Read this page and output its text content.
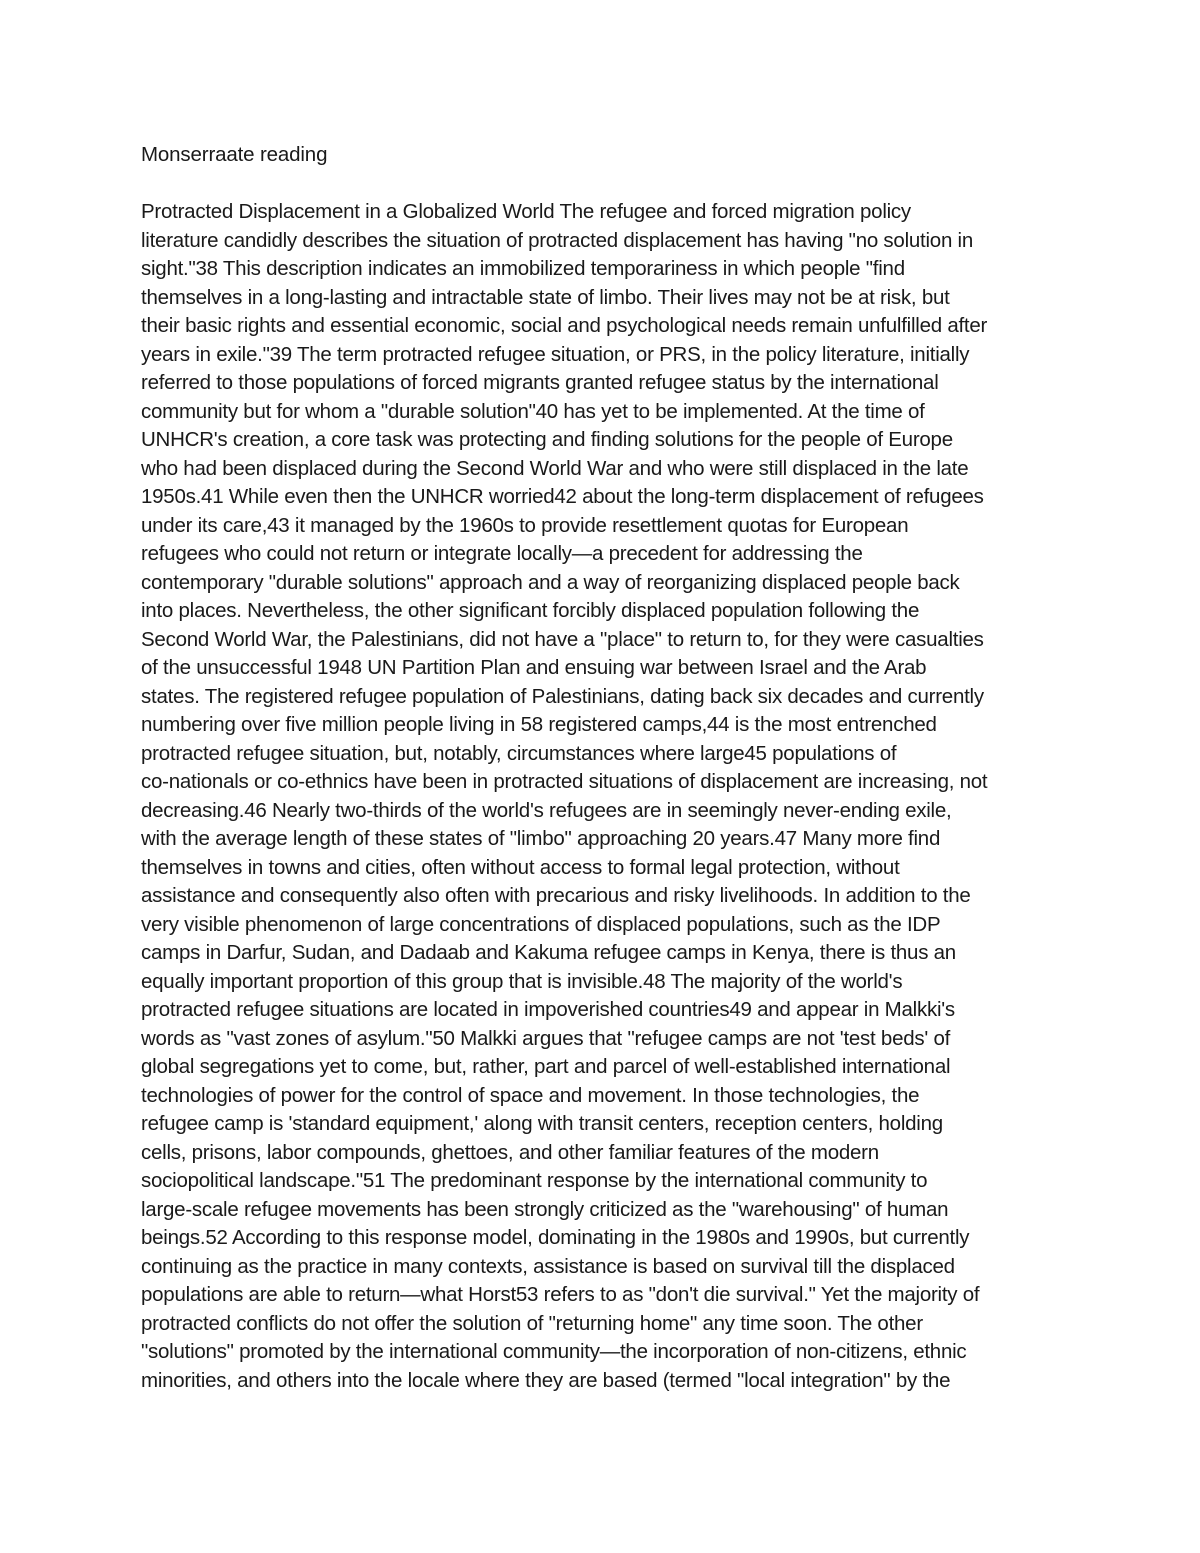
Monserraate reading
Protracted Displacement in a Globalized World The refugee and forced migration policy
literature candidly describes the situation of protracted displacement has having "no solution in
sight."38 This description indicates an immobilized temporariness in which people "find
themselves in a long-lasting and intractable state of limbo. Their lives may not be at risk, but
their basic rights and essential economic, social and psychological needs remain unfulfilled after
years in exile."39 The term protracted refugee situation, or PRS, in the policy literature, initially
referred to those populations of forced migrants granted refugee status by the international
community but for whom a "durable solution"40 has yet to be implemented. At the time of
UNHCR's creation, a core task was protecting and finding solutions for the people of Europe
who had been displaced during the Second World War and who were still displaced in the late
1950s.41 While even then the UNHCR worried42 about the long-term displacement of refugees
under its care,43 it managed by the 1960s to provide resettlement quotas for European
refugees who could not return or integrate locally—a precedent for addressing the
contemporary "durable solutions" approach and a way of reorganizing displaced people back
into places. Nevertheless, the other significant forcibly displaced population following the
Second World War, the Palestinians, did not have a "place" to return to, for they were casualties
of the unsuccessful 1948 UN Partition Plan and ensuing war between Israel and the Arab
states. The registered refugee population of Palestinians, dating back six decades and currently
numbering over five million people living in 58 registered camps,44 is the most entrenched
protracted refugee situation, but, notably, circumstances where large45 populations of
co-nationals or co-ethnics have been in protracted situations of displacement are increasing, not
decreasing.46 Nearly two-thirds of the world's refugees are in seemingly never-ending exile,
with the average length of these states of "limbo" approaching 20 years.47 Many more find
themselves in towns and cities, often without access to formal legal protection, without
assistance and consequently also often with precarious and risky livelihoods. In addition to the
very visible phenomenon of large concentrations of displaced populations, such as the IDP
camps in Darfur, Sudan, and Dadaab and Kakuma refugee camps in Kenya, there is thus an
equally important proportion of this group that is invisible.48 The majority of the world's
protracted refugee situations are located in impoverished countries49 and appear in Malkki's
words as "vast zones of asylum."50 Malkki argues that "refugee camps are not 'test beds' of
global segregations yet to come, but, rather, part and parcel of well-established international
technologies of power for the control of space and movement. In those technologies, the
refugee camp is 'standard equipment,' along with transit centers, reception centers, holding
cells, prisons, labor compounds, ghettoes, and other familiar features of the modern
sociopolitical landscape."51 The predominant response by the international community to
large-scale refugee movements has been strongly criticized as the "warehousing" of human
beings.52 According to this response model, dominating in the 1980s and 1990s, but currently
continuing as the practice in many contexts, assistance is based on survival till the displaced
populations are able to return—what Horst53 refers to as "don't die survival." Yet the majority of
protracted conflicts do not offer the solution of "returning home" any time soon. The other
"solutions" promoted by the international community—the incorporation of non-citizens, ethnic
minorities, and others into the locale where they are based (termed "local integration" by the
